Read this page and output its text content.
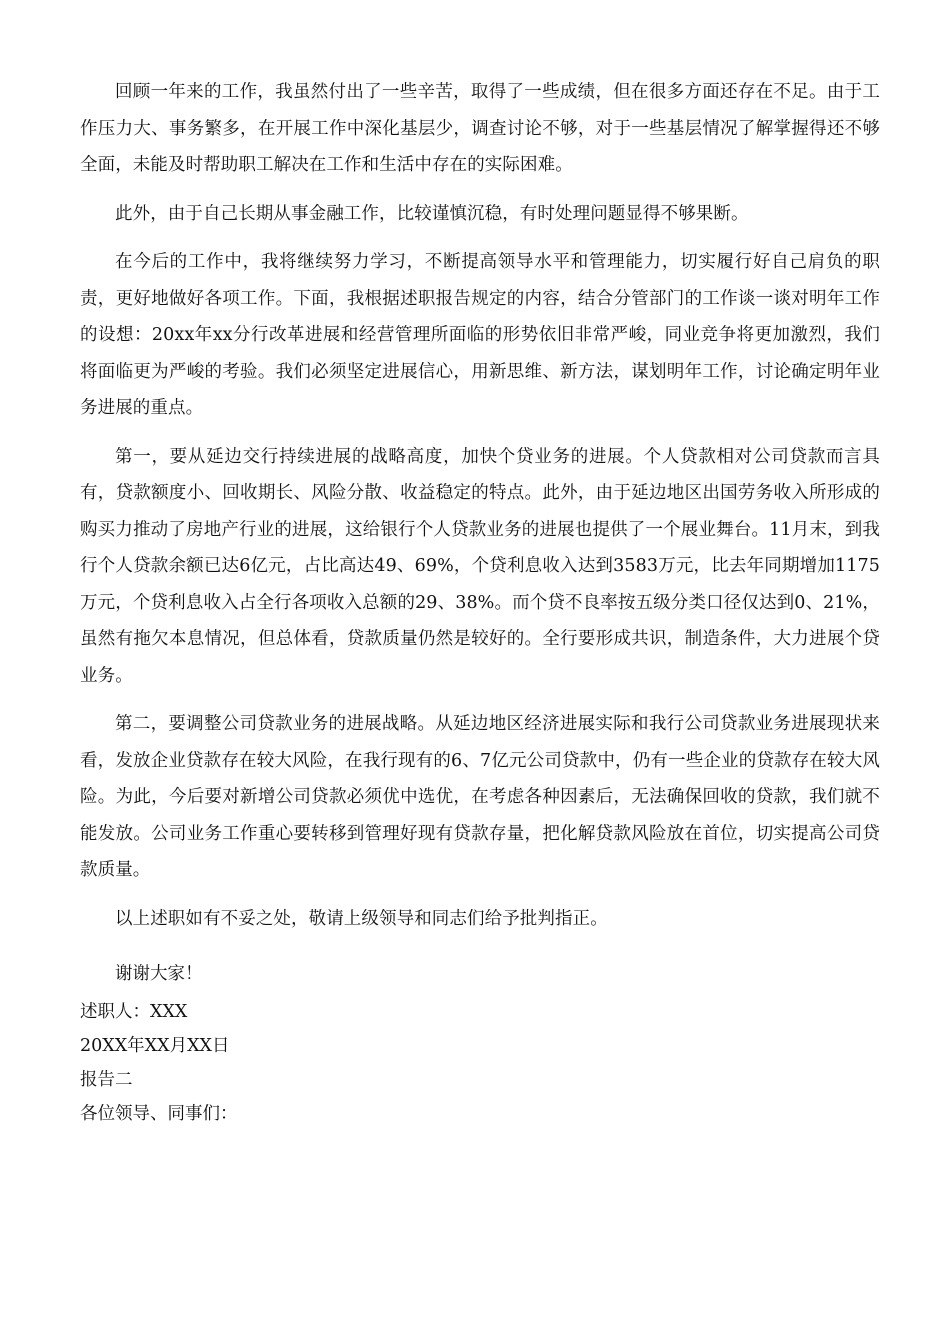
回顾一年来的工作，我虽然付出了一些辛苦，取得了一些成绩，但在很多方面还存在不足。由于工作压力大、事务繁多，在开展工作中深化基层少，调查讨论不够，对于一些基层情况了解掌握得还不够全面，未能及时帮助职工解决在工作和生活中存在的实际困难。

此外，由于自己长期从事金融工作，比较谨慎沉稳，有时处理问题显得不够果断。

在今后的工作中，我将继续努力学习，不断提高领导水平和管理能力，切实履行好自己肩负的职责，更好地做好各项工作。下面，我根据述职报告规定的内容，结合分管部门的工作谈一谈对明年工作的设想：20xx年xx分行改革进展和经营管理所面临的形势依旧非常严峻，同业竞争将更加激烈，我们将面临更为严峻的考验。我们必须坚定进展信心，用新思维、新方法，谋划明年工作，讨论确定明年业务进展的重点。

第一，要从延边交行持续进展的战略高度，加快个贷业务的进展。个人贷款相对公司贷款而言具有，贷款额度小、回收期长、风险分散、收益稳定的特点。此外，由于延边地区出国劳务收入所形成的购买力推动了房地产行业的进展，这给银行个人贷款业务的进展也提供了一个展业舞台。11月末，到我行个人贷款余额已达6亿元，占比高达49、69%，个贷利息收入达到3583万元，比去年同期增加1175万元，个贷利息收入占全行各项收入总额的29、38%。而个贷不良率按五级分类口径仅达到0、21%，虽然有拖欠本息情况，但总体看，贷款质量仍然是较好的。全行要形成共识，制造条件，大力进展个贷业务。

第二，要调整公司贷款业务的进展战略。从延边地区经济进展实际和我行公司贷款业务进展现状来看，发放企业贷款存在较大风险，在我行现有的6、7亿元公司贷款中，仍有一些企业的贷款存在较大风险。为此，今后要对新增公司贷款必须优中选优，在考虑各种因素后，无法确保回收的贷款，我们就不能发放。公司业务工作重心要转移到管理好现有贷款存量，把化解贷款风险放在首位，切实提高公司贷款质量。

以上述职如有不妥之处，敬请上级领导和同志们给予批判指正。

谢谢大家！

述职人：XXX

20XX年XX月XX日

报告二

各位领导、同事们：
